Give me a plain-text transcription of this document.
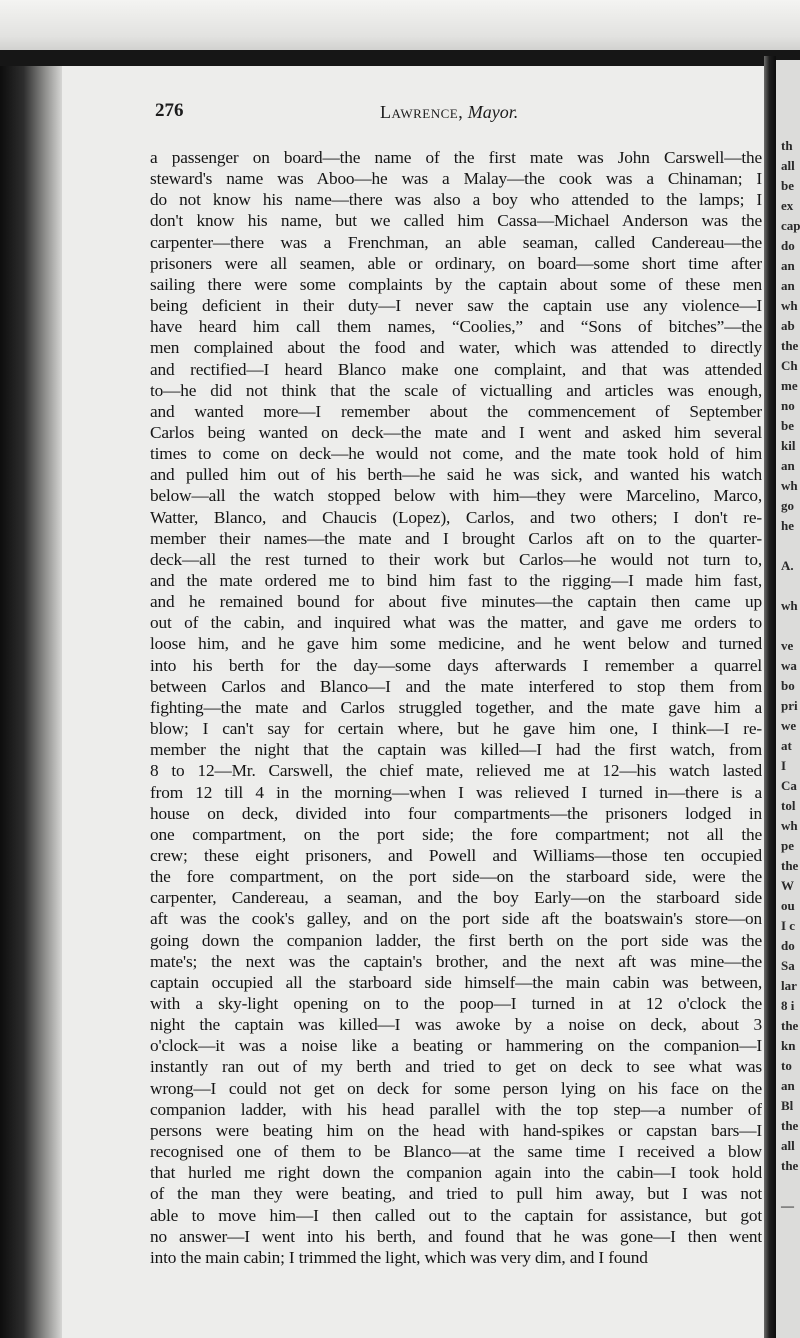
th
all
be
ex
cap
do
an
an
wh
ab
the
Ch
me
no
be
kil
an
wh
go
he
A.
wh
ve
wa
bo
pri
we
at
I
Ca
tol
wh
pe
the
W
ou
I c
do
Sa
lar
8 i
the
kn
to
an
Bl
the
all
the
—
276	Lawrence, Mayor.
a passenger on board—the name of the first mate was John Carswell—the
steward's name was Aboo—he was a Malay—the cook was a Chinaman; I
do not know his name—there was also a boy who attended to the lamps; I
don't know his name, but we called him Cassa—Michael Anderson was the
carpenter—there was a Frenchman, an able seaman, called Candereau—the
prisoners were all seamen, able or ordinary, on board—some short time after
sailing there were some complaints by the captain about some of these men
being deficient in their duty—I never saw the captain use any violence—I
have heard him call them names, “Coolies,” and “Sons of bitches”—the
men complained about the food and water, which was attended to directly
and rectified—I heard Blanco make one complaint, and that was attended
to—he did not think that the scale of victualling and articles was enough,
and wanted more—I remember about the commencement of September
Carlos being wanted on deck—the mate and I went and asked him several
times to come on deck—he would not come, and the mate took hold of him
and pulled him out of his berth—he said he was sick, and wanted his watch
below—all the watch stopped below with him—they were Marcelino, Marco,
Watter, Blanco, and Chaucis (Lopez), Carlos, and two others; I don't re-
member their names—the mate and I brought Carlos aft on to the quarter-
deck—all the rest turned to their work but Carlos—he would not turn to,
and the mate ordered me to bind him fast to the rigging—I made him fast,
and he remained bound for about five minutes—the captain then came up
out of the cabin, and inquired what was the matter, and gave me orders to
loose him, and he gave him some medicine, and he went below and turned
into his berth for the day—some days afterwards I remember a quarrel
between Carlos and Blanco—I and the mate interfered to stop them from
fighting—the mate and Carlos struggled together, and the mate gave him a
blow; I can't say for certain where, but he gave him one, I think—I re-
member the night that the captain was killed—I had the first watch, from
8 to 12—Mr. Carswell, the chief mate, relieved me at 12—his watch lasted
from 12 till 4 in the morning—when I was relieved I turned in—there is a
house on deck, divided into four compartments—the prisoners lodged in
one compartment, on the port side; the fore compartment; not all the
crew; these eight prisoners, and Powell and Williams—those ten occupied
the fore compartment, on the port side—on the starboard side, were the
carpenter, Candereau, a seaman, and the boy Early—on the starboard side
aft was the cook's galley, and on the port side aft the boatswain's store—on
going down the companion ladder, the first berth on the port side was the
mate's; the next was the captain's brother, and the next aft was mine—the
captain occupied all the starboard side himself—the main cabin was between,
with a sky-light opening on to the poop—I turned in at 12 o'clock the
night the captain was killed—I was awoke by a noise on deck, about 3
o'clock—it was a noise like a beating or hammering on the companion—I
instantly ran out of my berth and tried to get on deck to see what was
wrong—I could not get on deck for some person lying on his face on the
companion ladder, with his head parallel with the top step—a number of
persons were beating him on the head with hand-spikes or capstan bars—I
recognised one of them to be Blanco—at the same time I received a blow
that hurled me right down the companion again into the cabin—I took hold
of the man they were beating, and tried to pull him away, but I was not
able to move him—I then called out to the captain for assistance, but got
no answer—I went into his berth, and found that he was gone—I then went
into the main cabin; I trimmed the light, which was very dim, and I found
